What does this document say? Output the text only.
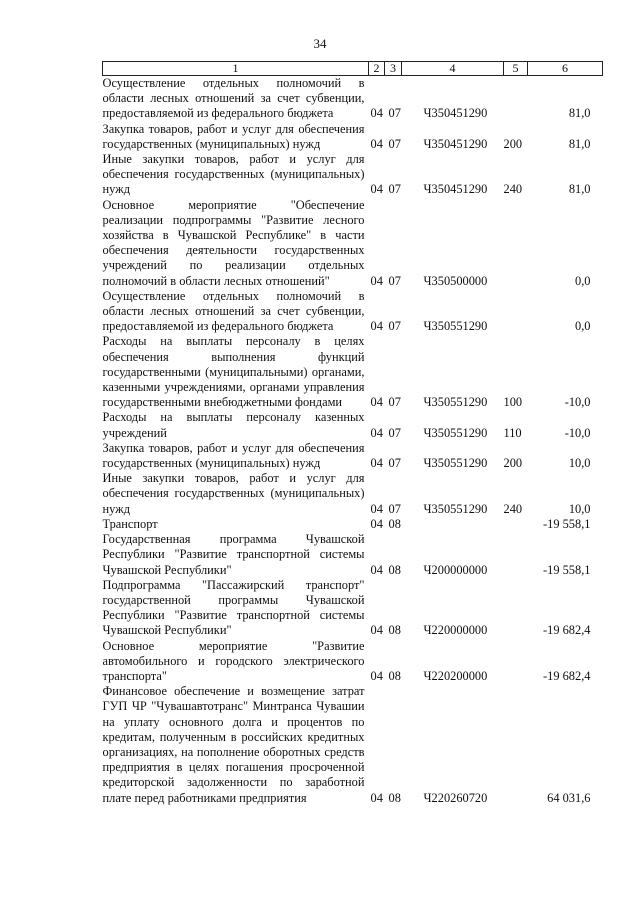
34
1	2	3	4	5	6
Осуществление отдельных полномочий в области лесных отношений за счет субвенции, предоставляемой из федерального бюджета	04	07	Ч350451290		81,0
Закупка товаров, работ и услуг для обеспечения государственных (муниципальных) нужд	04	07	Ч350451290	200	81,0
Иные закупки товаров, работ и услуг для обеспечения государственных (муниципальных) нужд	04	07	Ч350451290	240	81,0
Основное мероприятие "Обеспечение реализации подпрограммы "Развитие лесного хозяйства в Чувашской Республике" в части обеспечения деятельности государственных учреждений по реализации отдельных полномочий в области лесных отношений"	04	07	Ч350500000		0,0
Осуществление отдельных полномочий в области лесных отношений за счет субвенции, предоставляемой из федерального бюджета	04	07	Ч350551290		0,0
Расходы на выплаты персоналу в целях обеспечения выполнения функций государственными (муниципальными) органами, казенными учреждениями, органами управления государственными внебюджетными фондами	04	07	Ч350551290	100	-10,0
Расходы на выплаты персоналу казенных учреждений	04	07	Ч350551290	110	-10,0
Закупка товаров, работ и услуг для обеспечения государственных (муниципальных) нужд	04	07	Ч350551290	200	10,0
Иные закупки товаров, работ и услуг для обеспечения государственных (муниципальных) нужд	04	07	Ч350551290	240	10,0
Транспорт	04	08			-19 558,1
Государственная программа Чувашской Республики "Развитие транспортной системы Чувашской Республики"	04	08	Ч200000000		-19 558,1
Подпрограмма "Пассажирский транспорт" государственной программы Чувашской Республики "Развитие транспортной системы Чувашской Республики"	04	08	Ч220000000		-19 682,4
Основное мероприятие "Развитие автомобильного и городского электрического транспорта"	04	08	Ч220200000		-19 682,4
Финансовое обеспечение и возмещение затрат ГУП ЧР "Чувашавтотранс" Минтранса Чувашии на уплату основного долга и процентов по кредитам, полученным в российских кредитных организациях, на пополнение оборотных средств предприятия в целях погашения просроченной кредиторской задолженности по заработной плате перед работниками предприятия	04	08	Ч220260720		64 031,6
